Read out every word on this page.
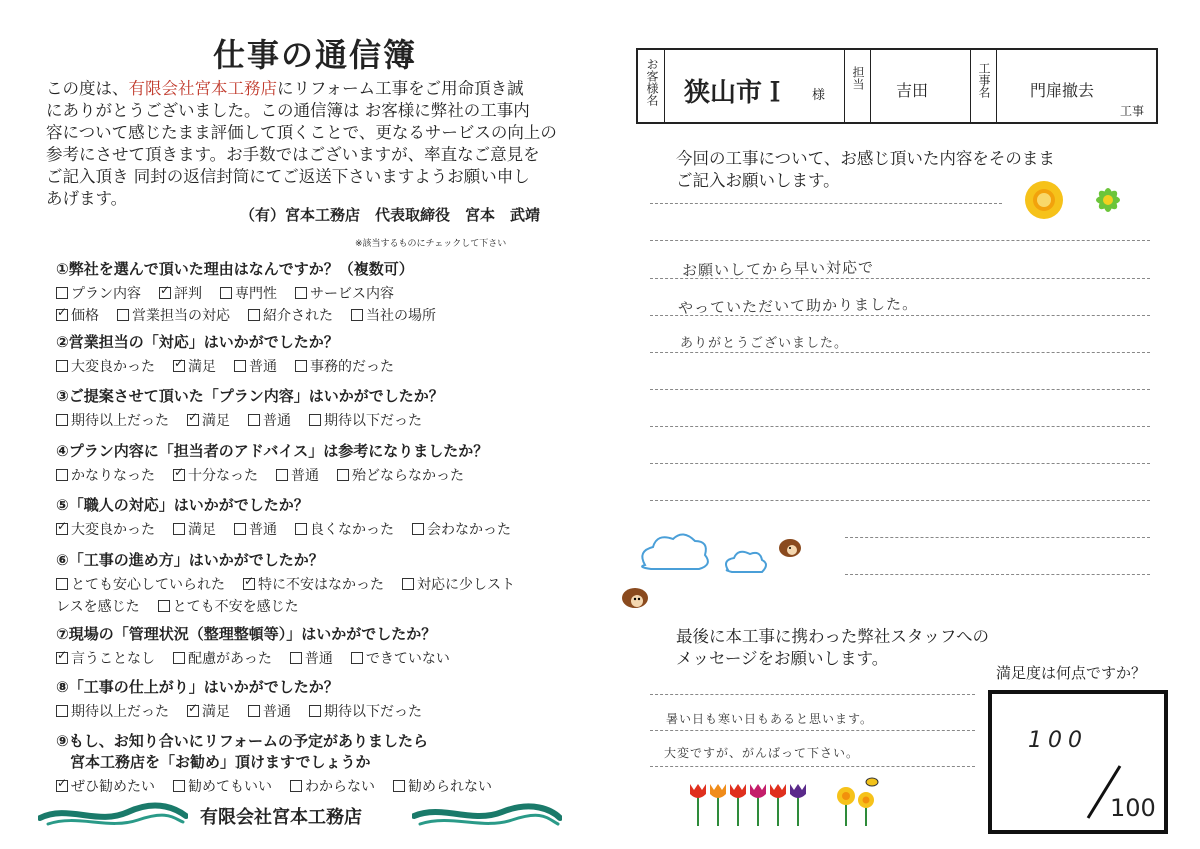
仕事の通信簿
この度は、有限会社宮本工務店にリフォーム工事をご用命頂き誠
にありがとうございました。この通信簿は お客様に弊社の工事内
容について感じたまま評価して頂くことで、更なるサービスの向上の
参考にさせて頂きます。お手数ではございますが、率直なご意見を
ご記入頂き 同封の返信封筒にてご返送下さいますようお願い申し
あげます。
（有）宮本工務店　代表取締役　宮本　武靖
※該当するものにチェックして下さい
①弊社を選んで頂いた理由はなんですか？（複数可）
プラン内容 ✓ 評判 専門性 サービス内容
✓価格 営業担当の対応 紹介された 当社の場所
②営業担当の「対応」はいかがでしたか？
大変良かった ✓ 満足 普通 事務的だった
③ご提案させて頂いた「プラン内容」はいかがでしたか？
期待以上だった ✓ 満足 普通 期待以下だった
④プラン内容に「担当者のアドバイス」は参考になりましたか？
かなりなった ✓ 十分なった 普通 殆どならなかった
⑤「職人の対応」はいかがでしたか？
✓大変良かった 満足 普通 良くなかった 会わなかった
⑥「工事の進め方」はいかがでしたか？
とても安心していられた ✓ 特に不安はなかった 対応に少しスト
レスを感じた とても不安を感じた
⑦現場の「管理状況（整理整頓等）」はいかがでしたか？
✓言うことなし 配慮があった 普通 できていない
⑧「工事の仕上がり」はいかがでしたか？
期待以上だった ✓ 満足 普通 期待以下だった
⑨もし、お知り合いにリフォームの予定がありましたら
宮本工務店を「お勧め」頂けますでしょうか
✓ぜひ勧めたい 勧めてもいい わからない 勧められない
有限会社宮本工務店
お客様名 狭山市Ｉ 様
担当
吉田	工事名 門扉撤去
工事
今回の工事について、お感じ頂いた内容をそのまま
ご記入お願いします。
お願いしてから早い対応で
やっていただいて助かりました。
ありがとうございました。
最後に本工事に携わった弊社スタッフへの
メッセージをお願いします。
暑い日も寒い日もあると思います。
大変ですが、がんばって下さい。
満足度は何点ですか？
100
100
